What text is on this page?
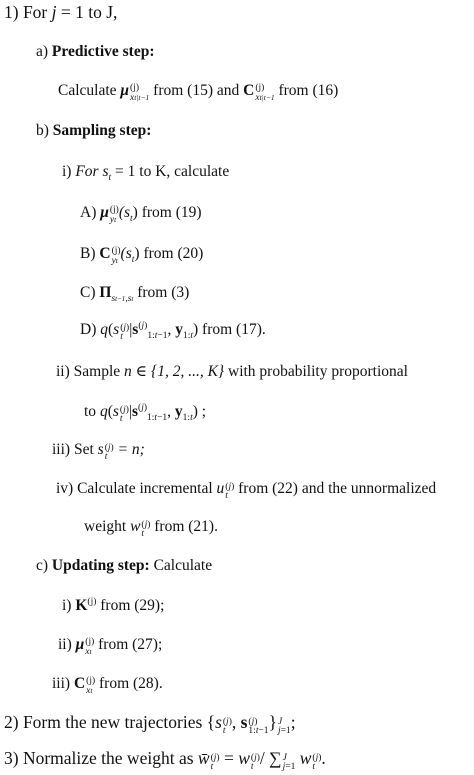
1) For j = 1 to J,
a) Predictive step:
Calculate μ (j)
xt|t−1 from (15) and C (j)
xt|t−1 from (16)
b) Sampling step:
i) For $s_t = 1$ to K, calculate
A) μ (j)
yt $(s_t)$ from (19)
B) C (j)
yt $(s_t)$ from (20)
C) $\Pi_{st-1,st}$ from (3)
D) q(s (j)
t $|s^{(j)}_{1:t-1}$, $y_{1:t}$) from (17).
ii) Sample n ∈ {1, 2, ..., K} with probability proportional
to q(s (j)
t $|s^{(j)}_{1:t-1}$, $y_{1:t}$) ;
iii) Set s (j)
t = n;
iv) Calculate incremental u (j)
t from (22) and the unnormalized
weight w (j)
t from (21).
c) Updating step: Calculate
i) $K^{(j)}$ from (29);
ii) μ (j)
xt from (27);
iii) C (j)
xt from (28).
2) Form the new trajectories {s (j)
t , s (j)
1:t−1 } J
j=1 ;
3) Normalize the weight as w̄ (j)
t = w (j)
t / ∑ J
j=1 w (j)
t .
